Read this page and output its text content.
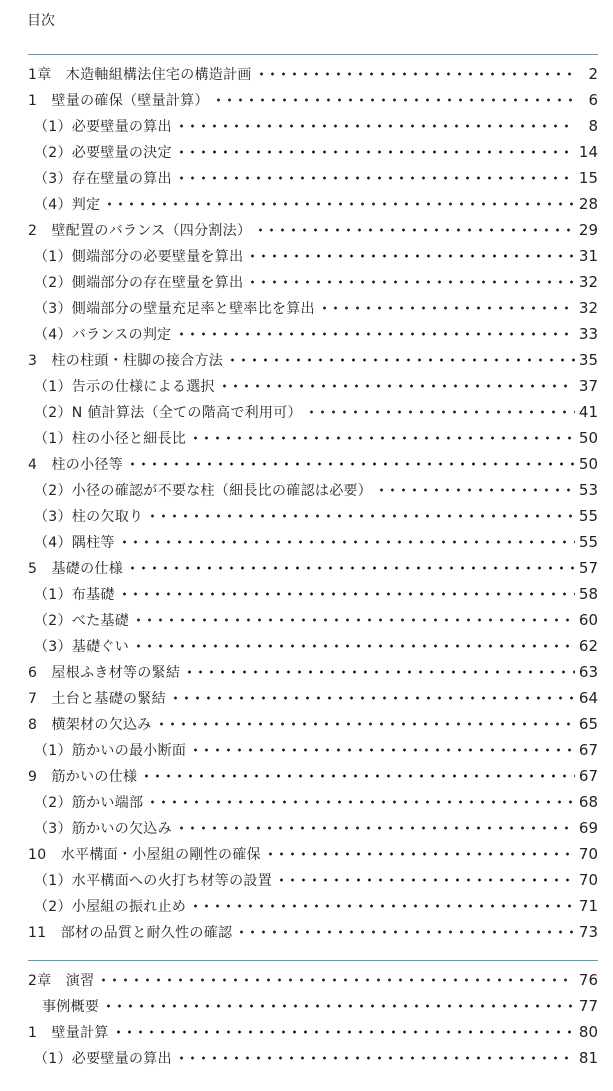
目次
1章　木造軸組構法住宅の構造計画	2
1　壁量の確保（壁量計算）	6
（1）必要壁量の算出	8
（2）必要壁量の決定	14
（3）存在壁量の算出	15
（4）判定	28
2　壁配置のバランス（四分割法）	29
（1）側端部分の必要壁量を算出	31
（2）側端部分の存在壁量を算出	32
（3）側端部分の壁量充足率と壁率比を算出	32
（4）バランスの判定	33
3　柱の柱頭・柱脚の接合方法	35
（1）告示の仕様による選択	37
（2）N 値計算法（全ての階高で利用可）	41
（1）柱の小径と細長比	50
4　柱の小径等	50
（2）小径の確認が不要な柱（細長比の確認は必要）	53
（3）柱の欠取り	55
（4）隅柱等	55
5　基礎の仕様	57
（1）布基礎	58
（2）べた基礎	60
（3）基礎ぐい	62
6　屋根ふき材等の緊結	63
7　土台と基礎の緊結	64
8　横架材の欠込み	65
（1）筋かいの最小断面	67
9　筋かいの仕様	67
（2）筋かい端部	68
（3）筋かいの欠込み	69
10　水平構面・小屋組の剛性の確保	70
（1）水平構面への火打ち材等の設置	70
（2）小屋組の振れ止め	71
11　部材の品質と耐久性の確認	73
2章　演習	76
事例概要	77
1　壁量計算	80
（1）必要壁量の算出	81
